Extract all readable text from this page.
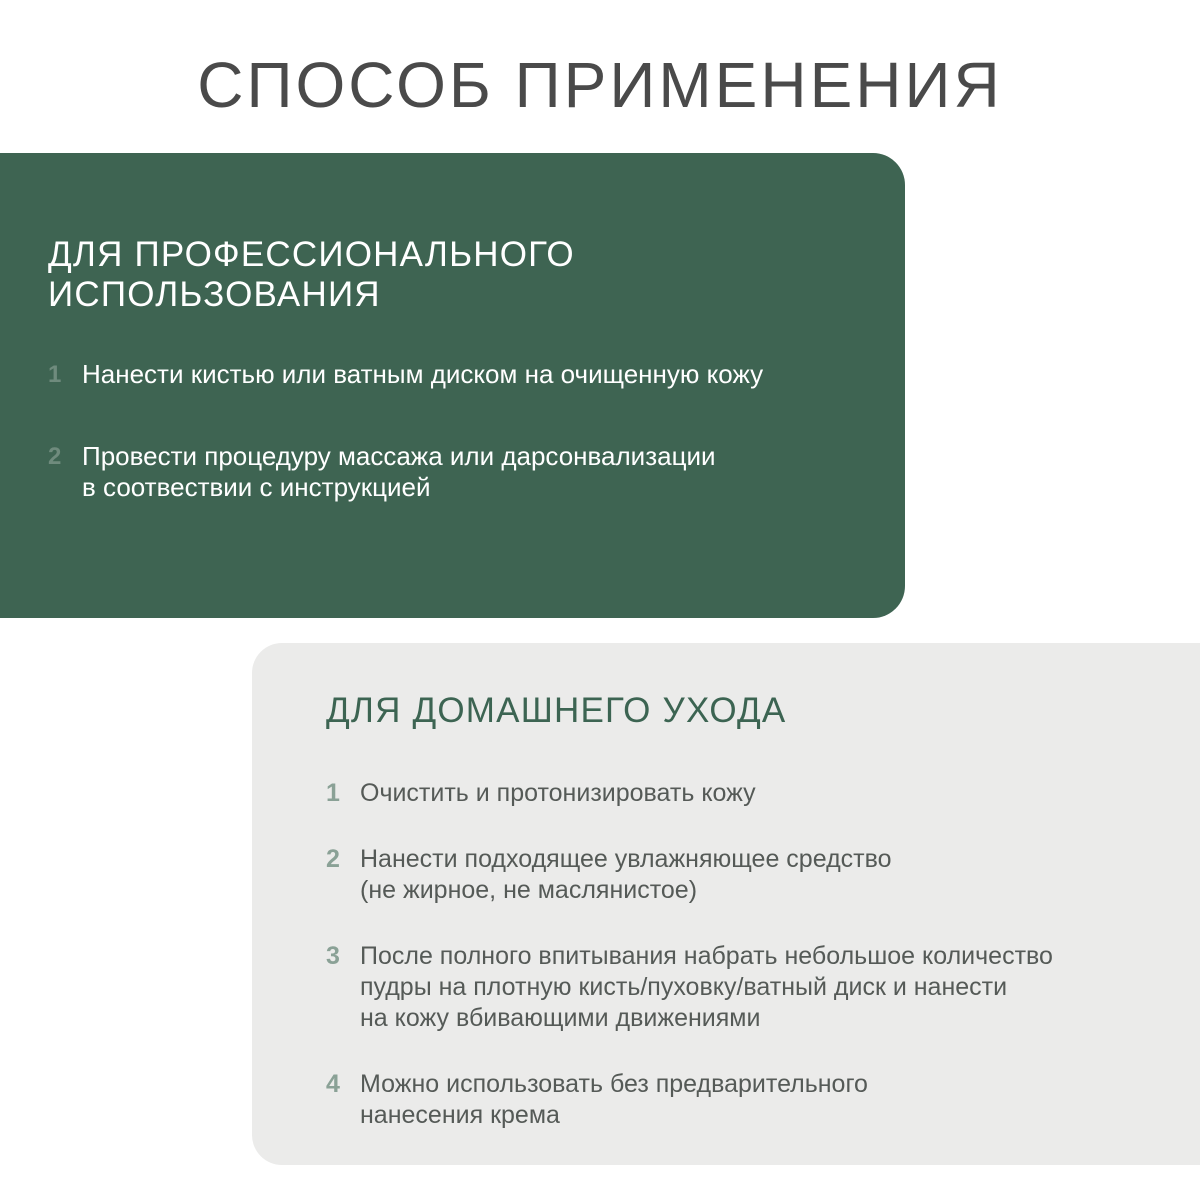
СПОСОБ ПРИМЕНЕНИЯ
ДЛЯ ПРОФЕССИОНАЛЬНОГО
ИСПОЛЬЗОВАНИЯ
1 Нанести кистью или ватным диском на очищенную кожу
2 Провести процедуру массажа или дарсонвализации
в соотвествии с инструкцией
ДЛЯ ДОМАШНЕГО УХОДА
1 Очистить и протонизировать кожу
2 Нанести подходящее увлажняющее средство
(не жирное, не маслянистое)
3 После полного впитывания набрать небольшое количество
пудры на плотную кисть/пуховку/ватный диск и нанести
на кожу вбивающими движениями
4 Можно использовать без предварительного
нанесения крема
